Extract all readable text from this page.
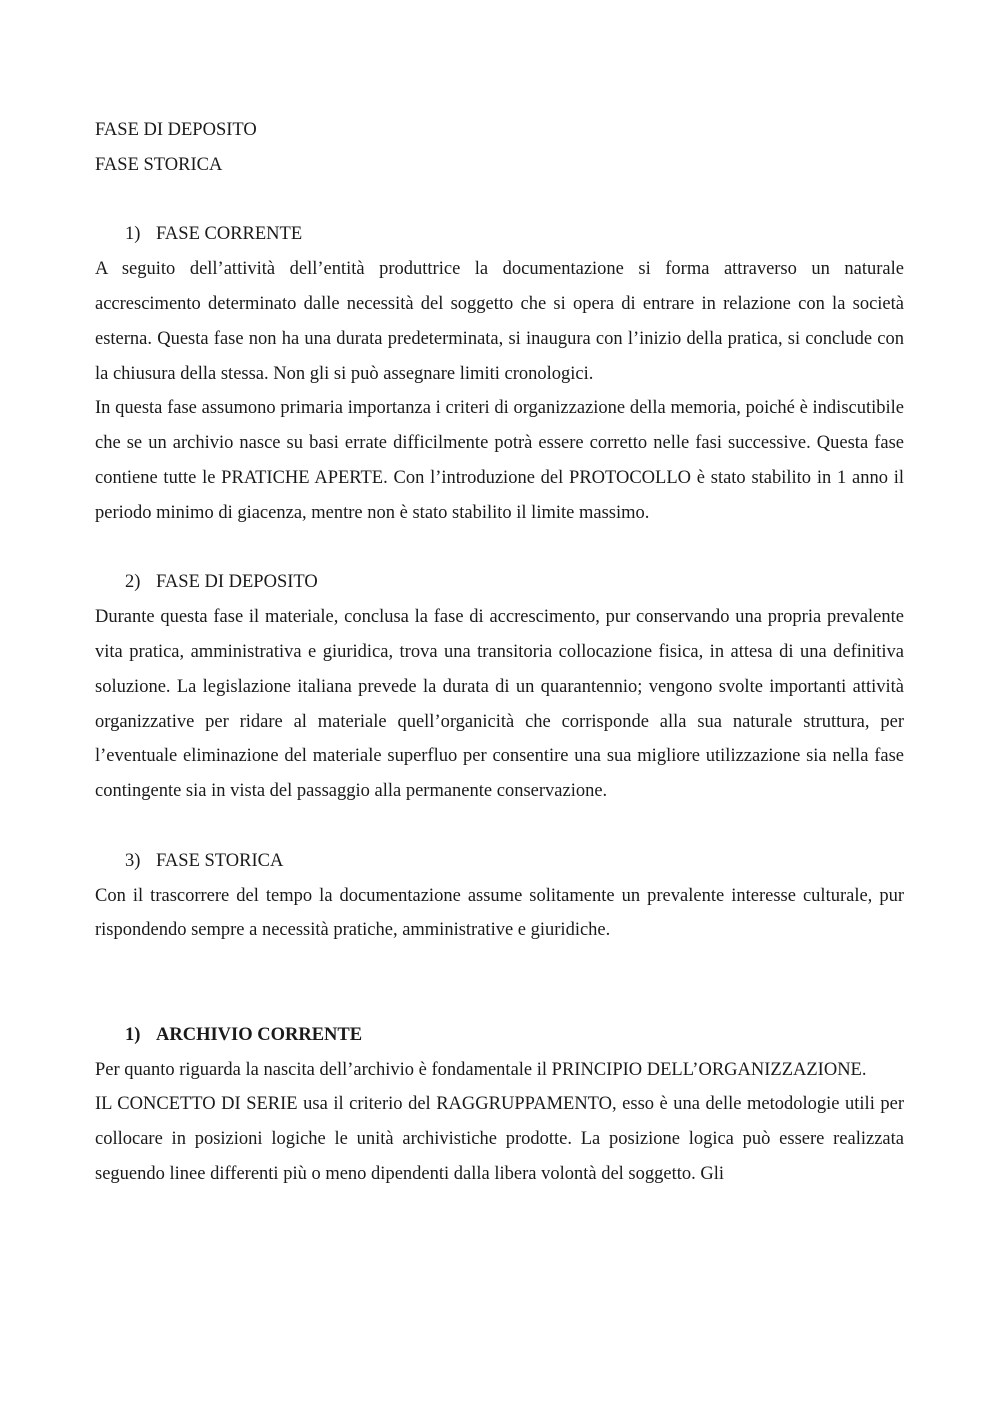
FASE DI DEPOSITO
FASE STORICA
1) FASE CORRENTE

A seguito dell’attività dell’entità produttrice la documentazione si forma attraverso un naturale accrescimento determinato dalle necessità del soggetto che si opera di entrare in relazione con la società esterna. Questa fase non ha una durata predeterminata, si inaugura con l’inizio della pratica, si conclude con la chiusura della stessa. Non gli si può assegnare limiti cronologici.

In questa fase assumono primaria importanza i criteri di organizzazione della memoria, poiché è indiscutibile che se un archivio nasce su basi errate difficilmente potrà essere corretto nelle fasi successive. Questa fase contiene tutte le PRATICHE APERTE. Con l’introduzione del PROTOCOLLO è stato stabilito in 1 anno il periodo minimo di giacenza, mentre non è stato stabilito il limite massimo.

2) FASE DI DEPOSITO

Durante questa fase il materiale, conclusa la fase di accrescimento, pur conservando una propria prevalente vita pratica, amministrativa e giuridica, trova una transitoria collocazione fisica, in attesa di una definitiva soluzione. La legislazione italiana prevede la durata di un quarantennio; vengono svolte importanti attività organizzative per ridare al materiale quell’organicità che corrisponde alla sua naturale struttura, per l’eventuale eliminazione del materiale superfluo per consentire una sua migliore utilizzazione sia nella fase contingente sia in vista del passaggio alla permanente conservazione.

3) FASE STORICA

Con il trascorrere del tempo la documentazione assume solitamente un prevalente interesse culturale, pur rispondendo sempre a necessità pratiche, amministrative e giuridiche.

1) ARCHIVIO CORRENTE

Per quanto riguarda la nascita dell’archivio è fondamentale il PRINCIPIO DELL’ORGANIZZAZIONE.

IL CONCETTO DI SERIE usa il criterio del RAGGRUPPAMENTO, esso è una delle metodologie utili per collocare in posizioni logiche le unità archivistiche prodotte. La posizione logica può essere realizzata seguendo linee differenti più o meno dipendenti dalla libera volontà del soggetto. Gli
